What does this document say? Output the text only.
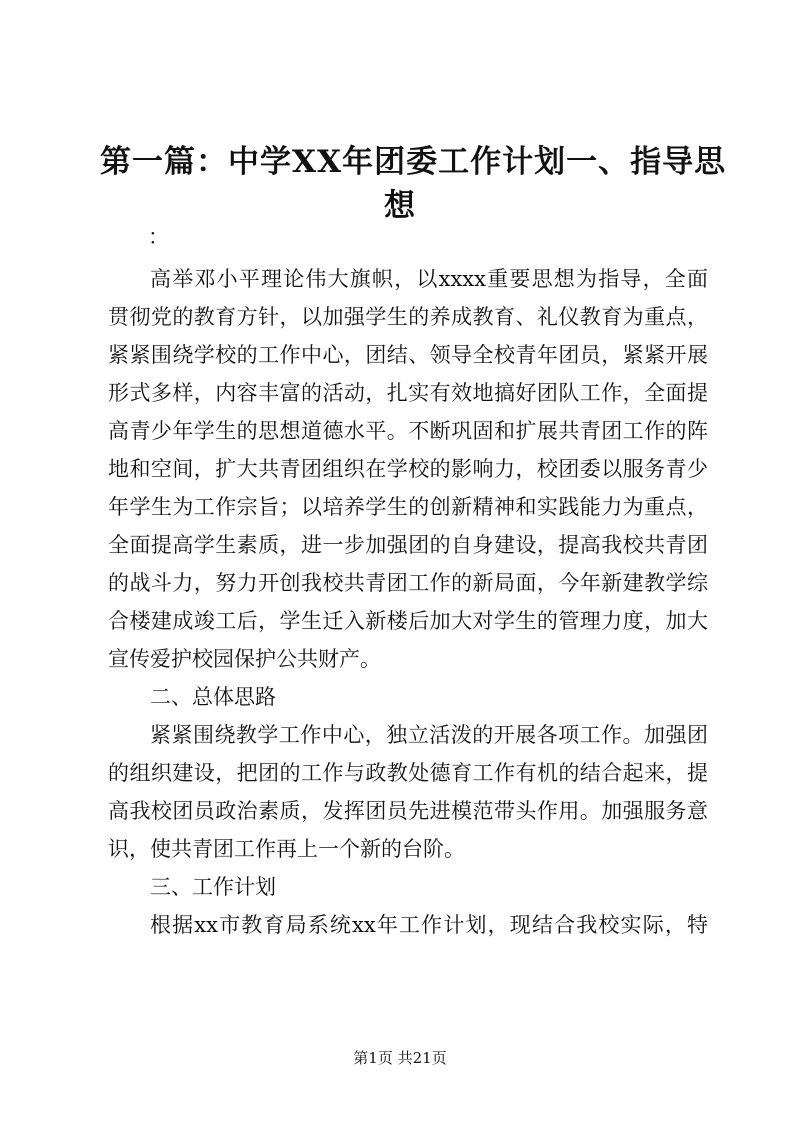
第一篇：中学XX年团委工作计划一、指导思
想
：
高举邓小平理论伟大旗帜，以xxxx重要思想为指导，全面
贯彻党的教育方针，以加强学生的养成教育、礼仪教育为重点，
紧紧围绕学校的工作中心，团结、领导全校青年团员，紧紧开展
形式多样，内容丰富的活动，扎实有效地搞好团队工作，全面提
高青少年学生的思想道德水平。不断巩固和扩展共青团工作的阵
地和空间，扩大共青团组织在学校的影响力，校团委以服务青少
年学生为工作宗旨；以培养学生的创新精神和实践能力为重点，
全面提高学生素质，进一步加强团的自身建设，提高我校共青团
的战斗力，努力开创我校共青团工作的新局面，今年新建教学综
合楼建成竣工后，学生迁入新楼后加大对学生的管理力度，加大
宣传爱护校园保护公共财产。
二、总体思路
紧紧围绕教学工作中心，独立活泼的开展各项工作。加强团
的组织建设，把团的工作与政教处德育工作有机的结合起来，提
高我校团员政治素质，发挥团员先进模范带头作用。加强服务意
识，使共青团工作再上一个新的台阶。
三、工作计划
根据xx市教育局系统xx年工作计划，现结合我校实际，特
第1页 共21页
